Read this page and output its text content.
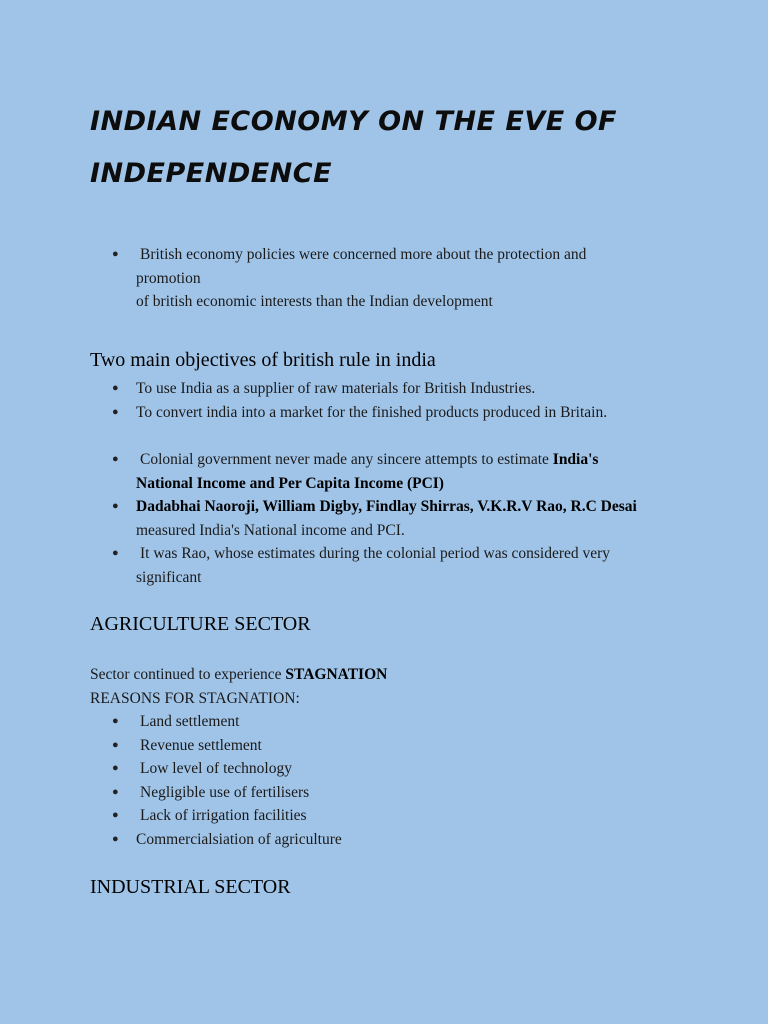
INDIAN ECONOMY ON THE EVE OF INDEPENDENCE
● British economy policies were concerned more about the protection and
promotion
of british economic interests than the Indian development
Two main objectives of british rule in india
● To use India as a supplier of raw materials for British Industries.
● To convert india into a market for the finished products produced in Britain.
● Colonial government never made any sincere attempts to estimate India's
National Income and Per Capita Income (PCI)
● Dadabhai Naoroji, William Digby, Findlay Shirras, V.K.R.V Rao, R.C Desai
measured India's National income and PCI.
● It was Rao, whose estimates during the colonial period was considered very
significant
AGRICULTURE SECTOR
Sector continued to experience STAGNATION
REASONS FOR STAGNATION:
● Land settlement
● Revenue settlement
● Low level of technology
● Negligible use of fertilisers
● Lack of irrigation facilities
● Commercialsiation of agriculture
INDUSTRIAL SECTOR
